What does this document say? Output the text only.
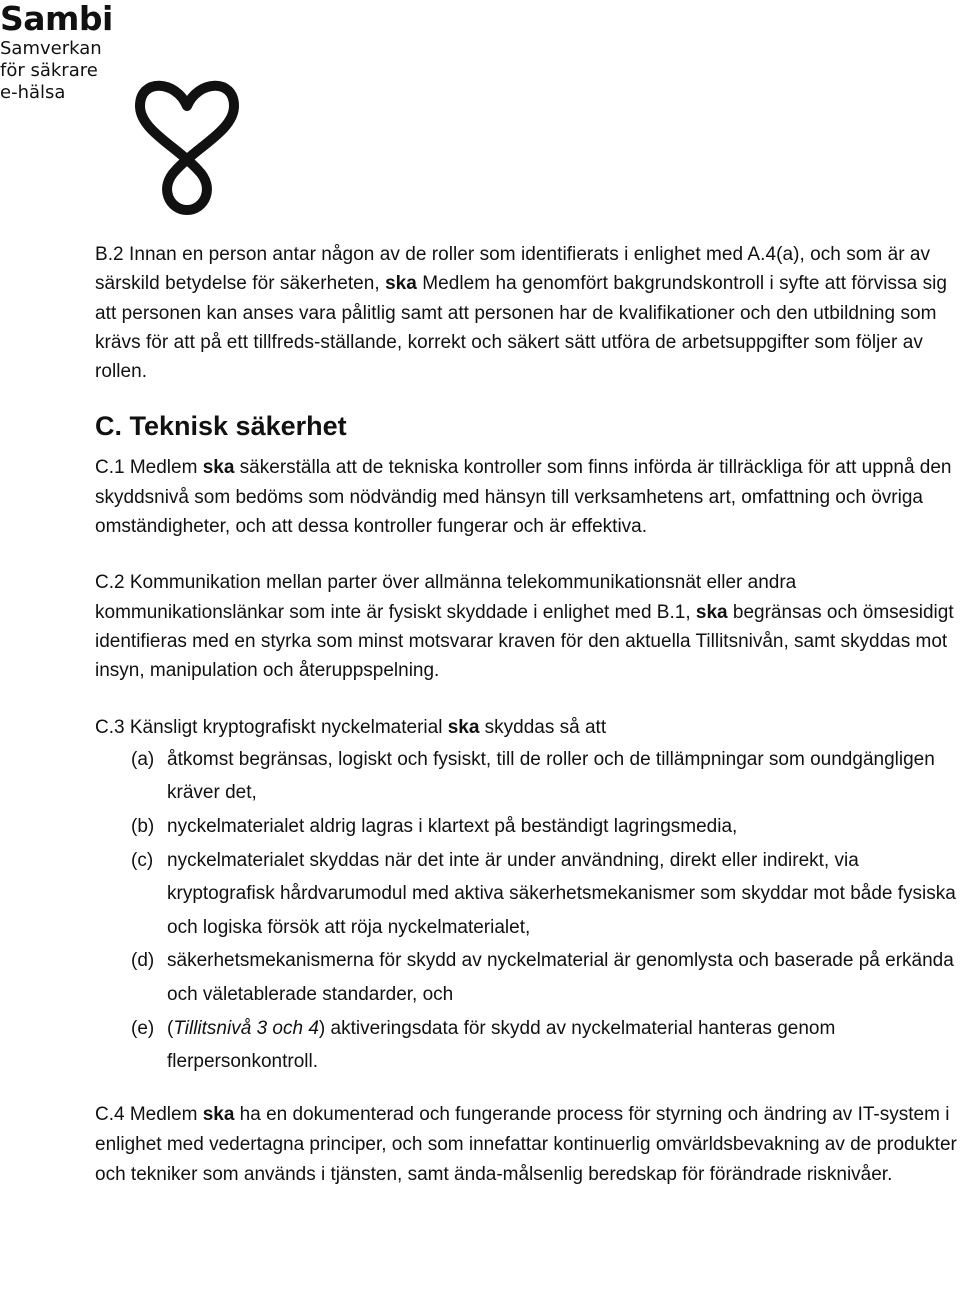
Sambi
Samverkan
för säkrare
e-hälsa

B.2 Innan en person antar någon av de roller som identifierats i enlighet med A.4(a), och som är av särskild betydelse för säkerheten, ska Medlem ha genomfört bakgrundskontroll i syfte att förvissa sig att personen kan anses vara pålitlig samt att personen har de kvalifikationer och den utbildning som krävs för att på ett tillfreds-ställande, korrekt och säkert sätt utföra de arbetsuppgifter som följer av rollen.

C. Teknisk säkerhet

C.1 Medlem ska säkerställa att de tekniska kontroller som finns införda är tillräckliga för att uppnå den skyddsnivå som bedöms som nödvändig med hänsyn till verksamhetens art, omfattning och övriga omständigheter, och att dessa kontroller fungerar och är effektiva.

C.2 Kommunikation mellan parter över allmänna telekommunikationsnät eller andra kommunikationslänkar som inte är fysiskt skyddade i enlighet med B.1, ska begränsas och ömsesidigt identifieras med en styrka som minst motsvarar kraven för den aktuella Tillitsnivån, samt skyddas mot insyn, manipulation och återuppspelning.

C.3 Känsligt kryptografiskt nyckelmaterial ska skyddas så att

(a) åtkomst begränsas, logiskt och fysiskt, till de roller och de tillämpningar som oundgängligen kräver det,
(b) nyckelmaterialet aldrig lagras i klartext på beständigt lagringsmedia,
(c) nyckelmaterialet skyddas när det inte är under användning, direkt eller indirekt, via kryptografisk hårdvarumodul med aktiva säkerhetsmekanismer som skyddar mot både fysiska och logiska försök att röja nyckelmaterialet,
(d) säkerhetsmekanismerna för skydd av nyckelmaterial är genomlysta och baserade på erkända och väletablerade standarder, och
(e) (Tillitsnivå 3 och 4) aktiveringsdata för skydd av nyckelmaterial hanteras genom flerpersonkontroll.

C.4 Medlem ska ha en dokumenterad och fungerande process för styrning och ändring av IT-system i enlighet med vedertagna principer, och som innefattar kontinuerlig omvärldsbevakning av de produkter och tekniker som används i tjänsten, samt ända-målsenlig beredskap för förändrade risknivåer.
